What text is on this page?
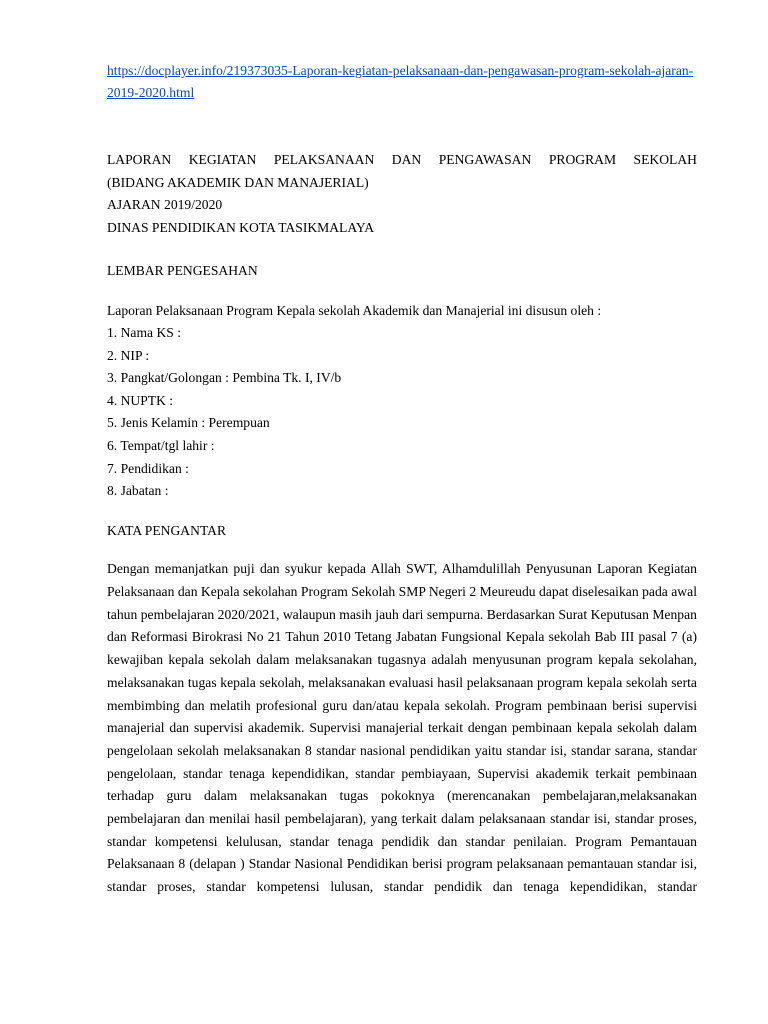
https://docplayer.info/219373035-Laporan-kegiatan-pelaksanaan-dan-pengawasan-program-sekolah-ajaran-2019-2020.html
LAPORAN KEGIATAN PELAKSANAAN DAN PENGAWASAN PROGRAM SEKOLAH
(BIDANG AKADEMIK DAN MANAJERIAL)
AJARAN 2019/2020
DINAS PENDIDIKAN KOTA TASIKMALAYA
LEMBAR PENGESAHAN
Laporan Pelaksanaan Program Kepala sekolah Akademik dan Manajerial ini disusun oleh :
1. Nama KS :
2. NIP :
3. Pangkat/Golongan : Pembina Tk. I, IV/b
4. NUPTK :
5. Jenis Kelamin : Perempuan
6. Tempat/tgl lahir :
7. Pendidikan :
8. Jabatan :
KATA PENGANTAR

Dengan memanjatkan puji dan syukur kepada Allah SWT, Alhamdulillah Penyusunan Laporan Kegiatan Pelaksanaan dan Kepala sekolahan Program Sekolah SMP Negeri 2 Meureudu dapat diselesaikan pada awal tahun pembelajaran 2020/2021, walaupun masih jauh dari sempurna. Berdasarkan Surat Keputusan Menpan dan Reformasi Birokrasi No 21 Tahun 2010 Tetang Jabatan Fungsional Kepala sekolah Bab III pasal 7 (a) kewajiban kepala sekolah dalam melaksanakan tugasnya adalah menyusunan program kepala sekolahan, melaksanakan tugas kepala sekolah, melaksanakan evaluasi hasil pelaksanaan program kepala sekolah serta membimbing dan melatih profesional guru dan/atau kepala sekolah. Program pembinaan berisi supervisi manajerial dan supervisi akademik. Supervisi manajerial terkait dengan pembinaan kepala sekolah dalam pengelolaan sekolah melaksanakan 8 standar nasional pendidikan yaitu standar isi, standar sarana, standar pengelolaan, standar tenaga kependidikan, standar pembiayaan, Supervisi akademik terkait pembinaan terhadap guru dalam melaksanakan tugas pokoknya (merencanakan pembelajaran,melaksanakan pembelajaran dan menilai hasil pembelajaran), yang terkait dalam pelaksanaan standar isi, standar proses, standar kompetensi kelulusan, standar tenaga pendidik dan standar penilaian. Program Pemantauan Pelaksanaan 8 (delapan ) Standar Nasional Pendidikan berisi program pelaksanaan pemantauan standar isi, standar proses, standar kompetensi lulusan, standar pendidik dan tenaga kependidikan, standar
